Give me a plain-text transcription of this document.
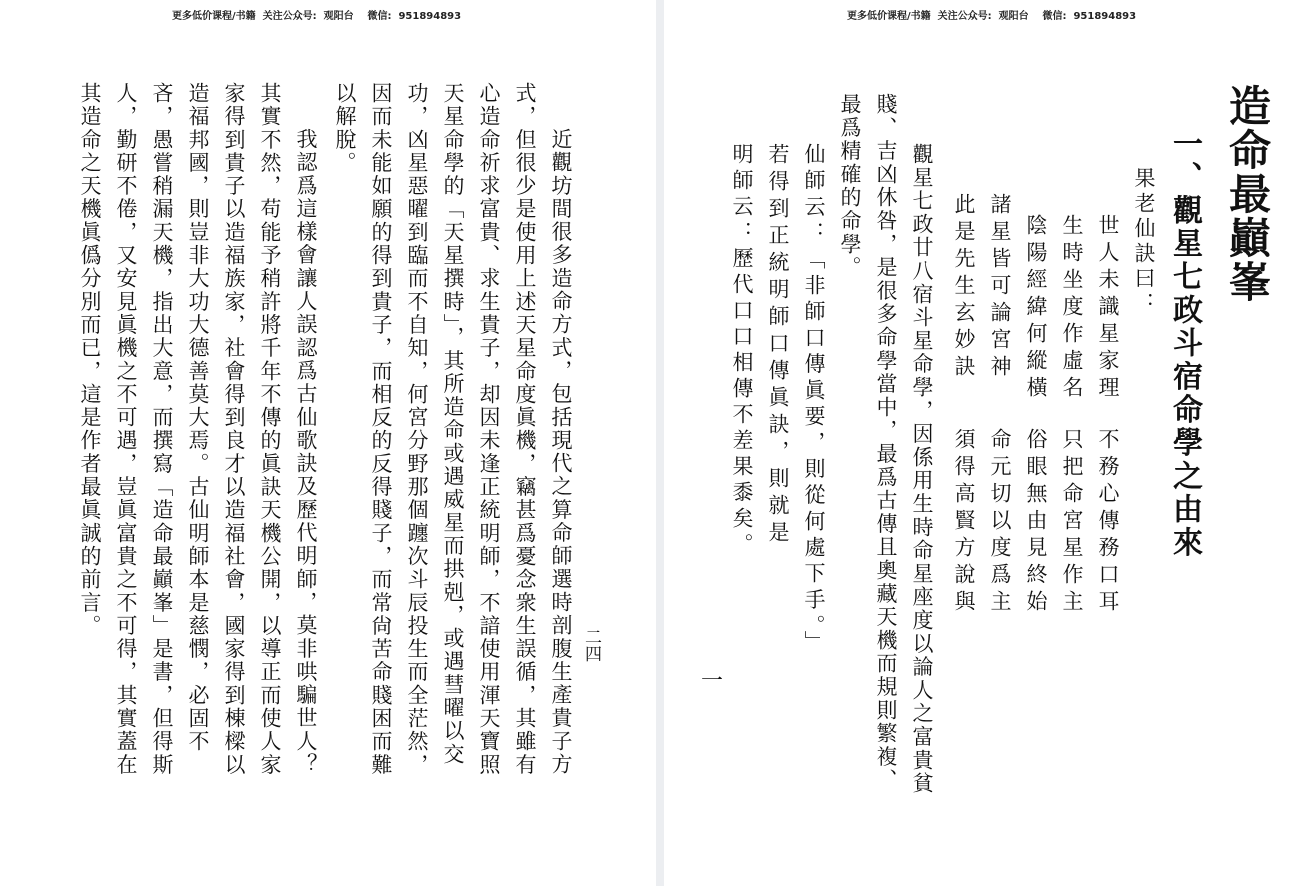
更多低价课程/书籍  关注公众号:  观阳台    微信:  951894893
近觀坊間很多造命方式，包括現代之算命師選時剖腹生產貴子方
式，但很少是使用上述天星命度眞機，竊甚爲憂念衆生誤循，其雖有
心造命祈求富貴、求生貴子，却因未逢正統明師，不諳使用渾天寶照
天星命學的「天星撰時」，其所造命或遇威星而拱剋，或遇彗曜以交
功，凶星惡曜到臨而不自知，何宮分野那個躔次斗辰投生而全茫然，
因而未能如願的得到貴子，而相反的反得賤子，而常尙苦命賤困而難
以解脫。
我認爲這樣會讓人誤認爲古仙歌訣及歷代明師，莫非哄騙世人？
其實不然，苟能予稍許將千年不傳的眞訣天機公開，以導正而使人家
家得到貴子以造福族家，社會得到良才以造福社會，國家得到棟樑以
造福邦國，則豈非大功大德善莫大焉。古仙明師本是慈憫，必固不
吝，愚嘗稍漏天機，指出大意，而撰寫「造命最巓峯」是書，但得斯
人，勤研不倦，又安見眞機之不可遇，豈眞富貴之不可得，其實蓋在
其造命之天機眞僞分別而已，這是作者最眞誠的前言。
二四
更多低价课程/书籍  关注公众号:  观阳台    微信:  951894893
造命最巓峯
一、觀星七政斗宿命學之由來
果老仙訣曰：
世人未識星家理
不務心傳務口耳
生時坐度作虛名
只把命宮星作主
陰陽經緯何縱橫
俗眼無由見終始
諸星皆可論宮神
命元切以度爲主
此是先生玄妙訣
須得高賢方說與
觀星七政廿八宿斗星命學，因係用生時命星座度以論人之富貴貧
賤、吉凶休咎，是很多命學當中，最爲古傳且奧藏天機而規則繁複、
最爲精確的命學。
仙師云：「非師口傳眞要，則從何處下手。」
若得到正統明師口傳眞訣，則就是
明師云：歷代口口相傳不差果黍矣。
一
